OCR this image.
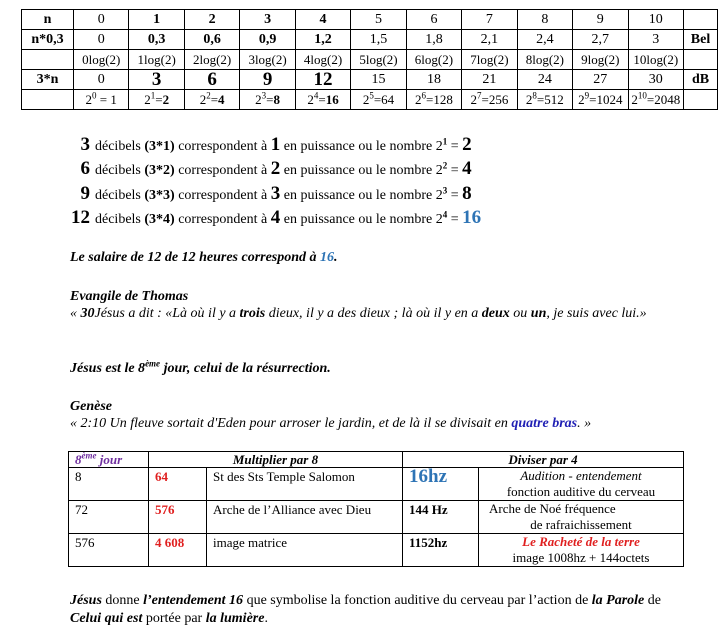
n	0	1	2	3	4	5	6	7	8	9	10	
n*0,3	0	0,3	0,6	0,9	1,2	1,5	1,8	2,1	2,4	2,7	3	Bel
	0log(2)	1log(2)	2log(2)	3log(2)	4log(2)	5log(2)	6log(2)	7log(2)	8log(2)	9log(2)	10log(2)	
3*n	0	3	6	9	12	15	18	21	24	27	30	dB
	$2^0 = 1$	$2^1=2$	$2^2=4$	$2^3=8$	$2^4=16$	$2^5=64$	$2^6=128$	$2^7=256$	$2^8=512$	$2^9=1024$	$2^{10}=2048$	
3 décibels (3*1) correspondent à 1 en puissance ou le nombre $2^1 = 2$
6 décibels (3*2) correspondent à 2 en puissance ou le nombre $2^2 = 4$
9 décibels (3*3) correspondent à 3 en puissance ou le nombre $2^3 = 8$
12 décibels (3*4) correspondent à 4 en puissance ou le nombre $2^4 = 16$
Le salaire de 12 de 12 heures correspond à 16.
Evangile de Thomas
« 30Jésus a dit : «Là où il y a trois dieux, il y a des dieux ; là où il y en a deux ou un, je suis avec lui.»
Jésus est le 8ème jour, celui de la résurrection.
Genèse
« 2:10 Un fleuve sortait d'Eden pour arroser le jardin, et de là il se divisait en quatre bras. »
8ème jour	Multiplier par 8		Diviser par 4	
8	64	St des Sts Temple Salomon	16hz	Audition - entendement
fonction auditive du cerveau

72	576	Arche de l’Alliance avec Dieu	144 Hz	Arche de Noé fréquence
de rafraichissement

576	4 608	image matrice	1152hz	Le Racheté de la terre
image 1008hz + 144octets
Jésus donne l’entendement 16 que symbolise la fonction auditive du cerveau par l’action de la Parole de Celui qui est portée par la lumière.
